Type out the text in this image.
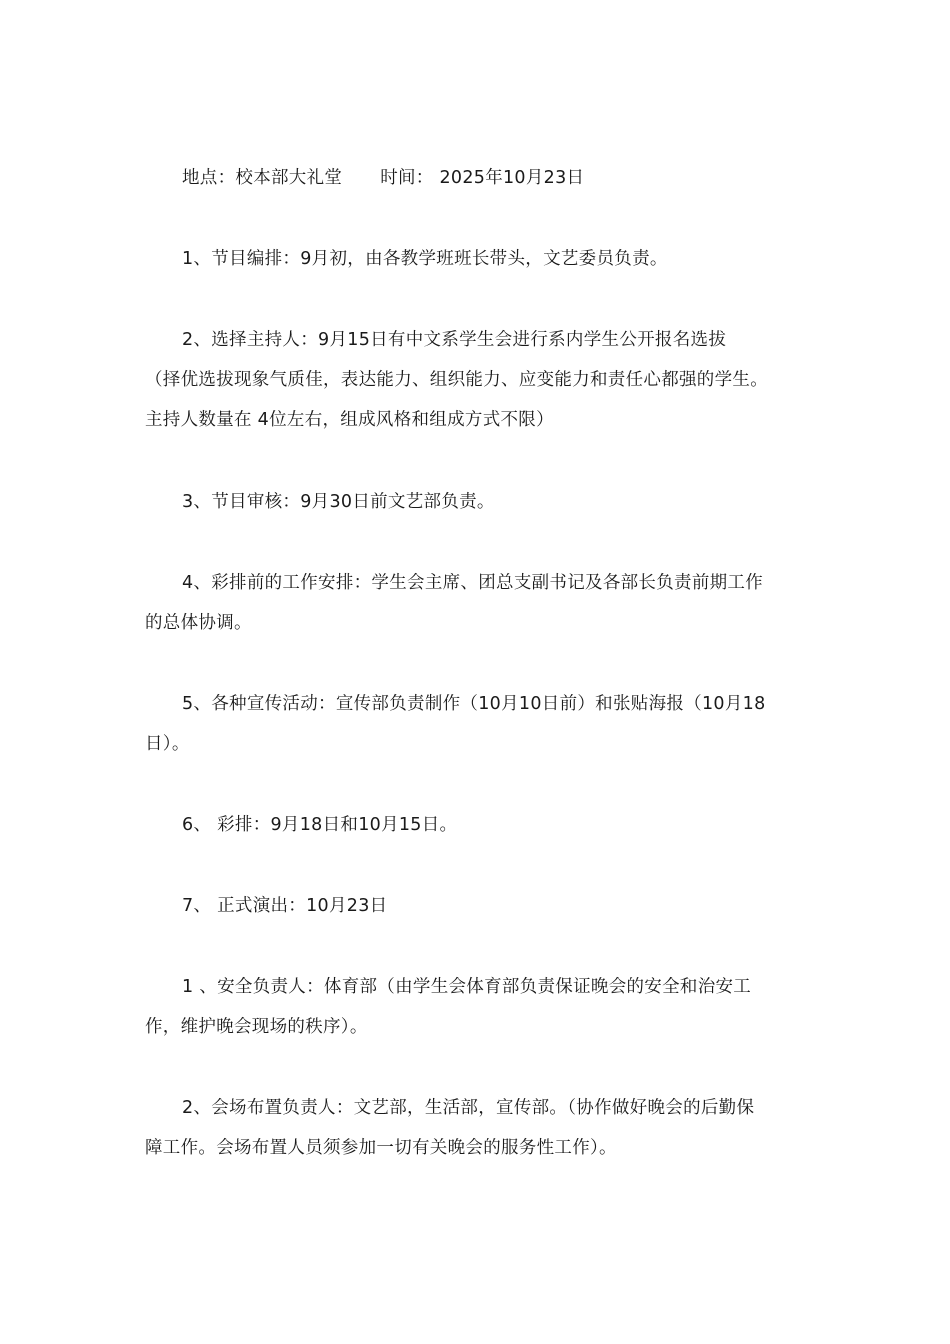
地点：校本部大礼堂 时间： 2025年10月23日

1、节目编排：9月初，由各教学班班长带头，文艺委员负责。

2、选择主持人：9月15日有中文系学生会进行系内学生公开报名选拔
（择优选拔现象气质佳，表达能力、组织能力、应变能力和责任心都强的学生。
主持人数量在 4位左右，组成风格和组成方式不限）

3、节目审核：9月30日前文艺部负责。

4、彩排前的工作安排：学生会主席、团总支副书记及各部长负责前期工作
的总体协调。

5、各种宣传活动：宣传部负责制作（10月10日前）和张贴海报（10月18
日）。

6、 彩排：9月18日和10月15日。

7、 正式演出：10月23日

1 、安全负责人：体育部（由学生会体育部负责保证晚会的安全和治安工
作，维护晚会现场的秩序）。

2、会场布置负责人：文艺部，生活部，宣传部。（协作做好晚会的后勤保
障工作。会场布置人员须参加一切有关晚会的服务性工作）。
